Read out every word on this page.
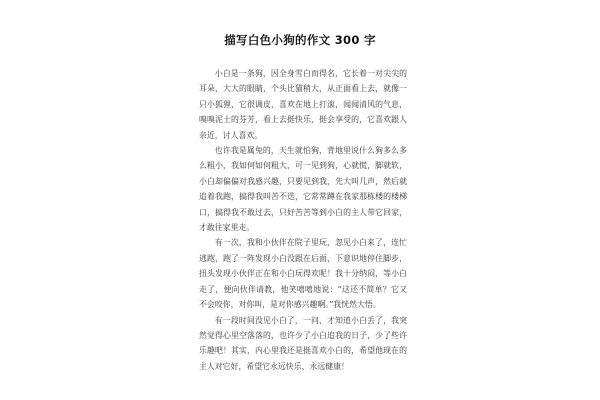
描写白色小狗的作文 300 字

小白是一条狗，因全身雪白而得名，它长着一对尖尖的耳朵，大大的眼睛，个头比猫稍大，从正面看上去，就像一只小狐狸，它很调皮，喜欢在地上打滚，闻闻清风的气息，嗅嗅泥土的芬芳，看上去挺快乐，挺会享受的，它喜欢跟人亲近，讨人喜欢。

也许我是属兔的，天生就怕狗，背地里说什么狗多么多么粗小，我如何如何粗大，可一见到狗，心就慌，脚就软，小白却偏偏对我感兴趣，只要见到我，先大叫几声，然后就追着我跑，搞得我叫苦不迭，它常常蹲在我家那栋楼的楼梯口，搞得我不敢过去，只好苦苦等到小白的主人带它回家，才敢往家里走。

有一次，我和小伙伴在院子里玩，忽见小白来了，连忙逃跑，跑了一阵发现小白没跟在后面，下意识地停住脚步，扭头发现小伙伴正在和小白玩得欢呢！我十分纳闷，等小白走了，便向伙伴请教，他笑嘻嘻地说：“这还不简单？它又不会咬你，对你叫，是对你感兴趣啊。”我恍然大悟。

有一段时间没见小白了，一问，才知道小白丢了，我突然觉得心里空落落的，也许少了小白追我的日子，少了些许乐趣吧！其实，内心里我还是挺喜欢小白的，希望他现在的主人对它好，希望它永远快乐，永远健康！
